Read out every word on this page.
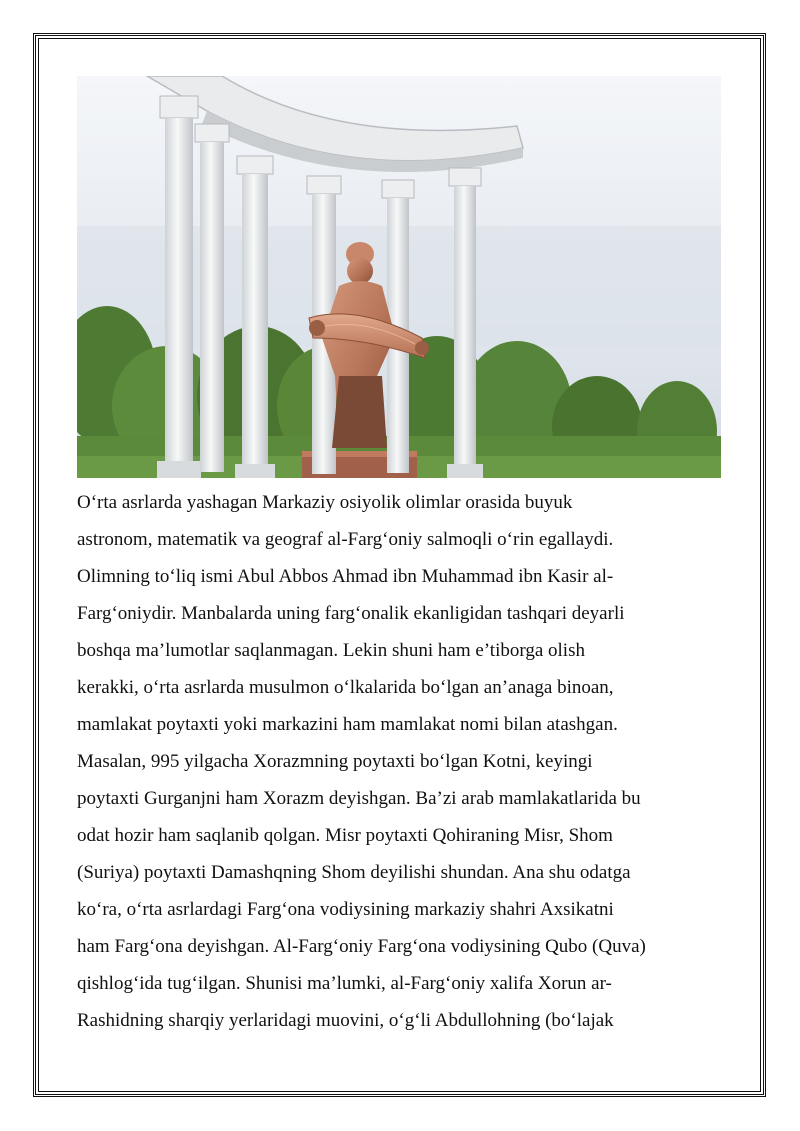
O‘rta asrlarda yashagan Markaziy osiyolik olimlar orasida buyuk
astronom, matematik va geograf al-Farg‘oniy salmoqli o‘rin egallaydi.
Olimning to‘liq ismi Abul Abbos Ahmad ibn Muhammad ibn Kasir al-
Farg‘oniydir. Manbalarda uning farg‘onalik ekanligidan tashqari deyarli
boshqa ma’lumotlar saqlanmagan. Lekin shuni ham e’tiborga olish
kerakki, o‘rta asrlarda musulmon o‘lkalarida bo‘lgan an’anaga binoan,
mamlakat poytaxti yoki markazini ham mamlakat nomi bilan atashgan.
Masalan, 995 yilgacha Xorazmning poytaxti bo‘lgan Kotni, keyingi
poytaxti Gurganjni ham Xorazm deyishgan. Ba’zi arab mamlakatlarida bu
odat hozir ham saqlanib qolgan. Misr poytaxti Qohiraning Misr, Shom
(Suriya) poytaxti Damashqning Shom deyilishi shundan. Ana shu odatga
ko‘ra, o‘rta asrlardagi Farg‘ona vodiysining markaziy shahri Axsikatni
ham Farg‘ona deyishgan. Al-Farg‘oniy Farg‘ona vodiysining Qubo (Quva)
qishlog‘ida tug‘ilgan. Shunisi ma’lumki, al-Farg‘oniy xalifa Xorun ar-
Rashidning sharqiy yerlaridagi muovini, o‘g‘li Abdullohning (bo‘lajak
